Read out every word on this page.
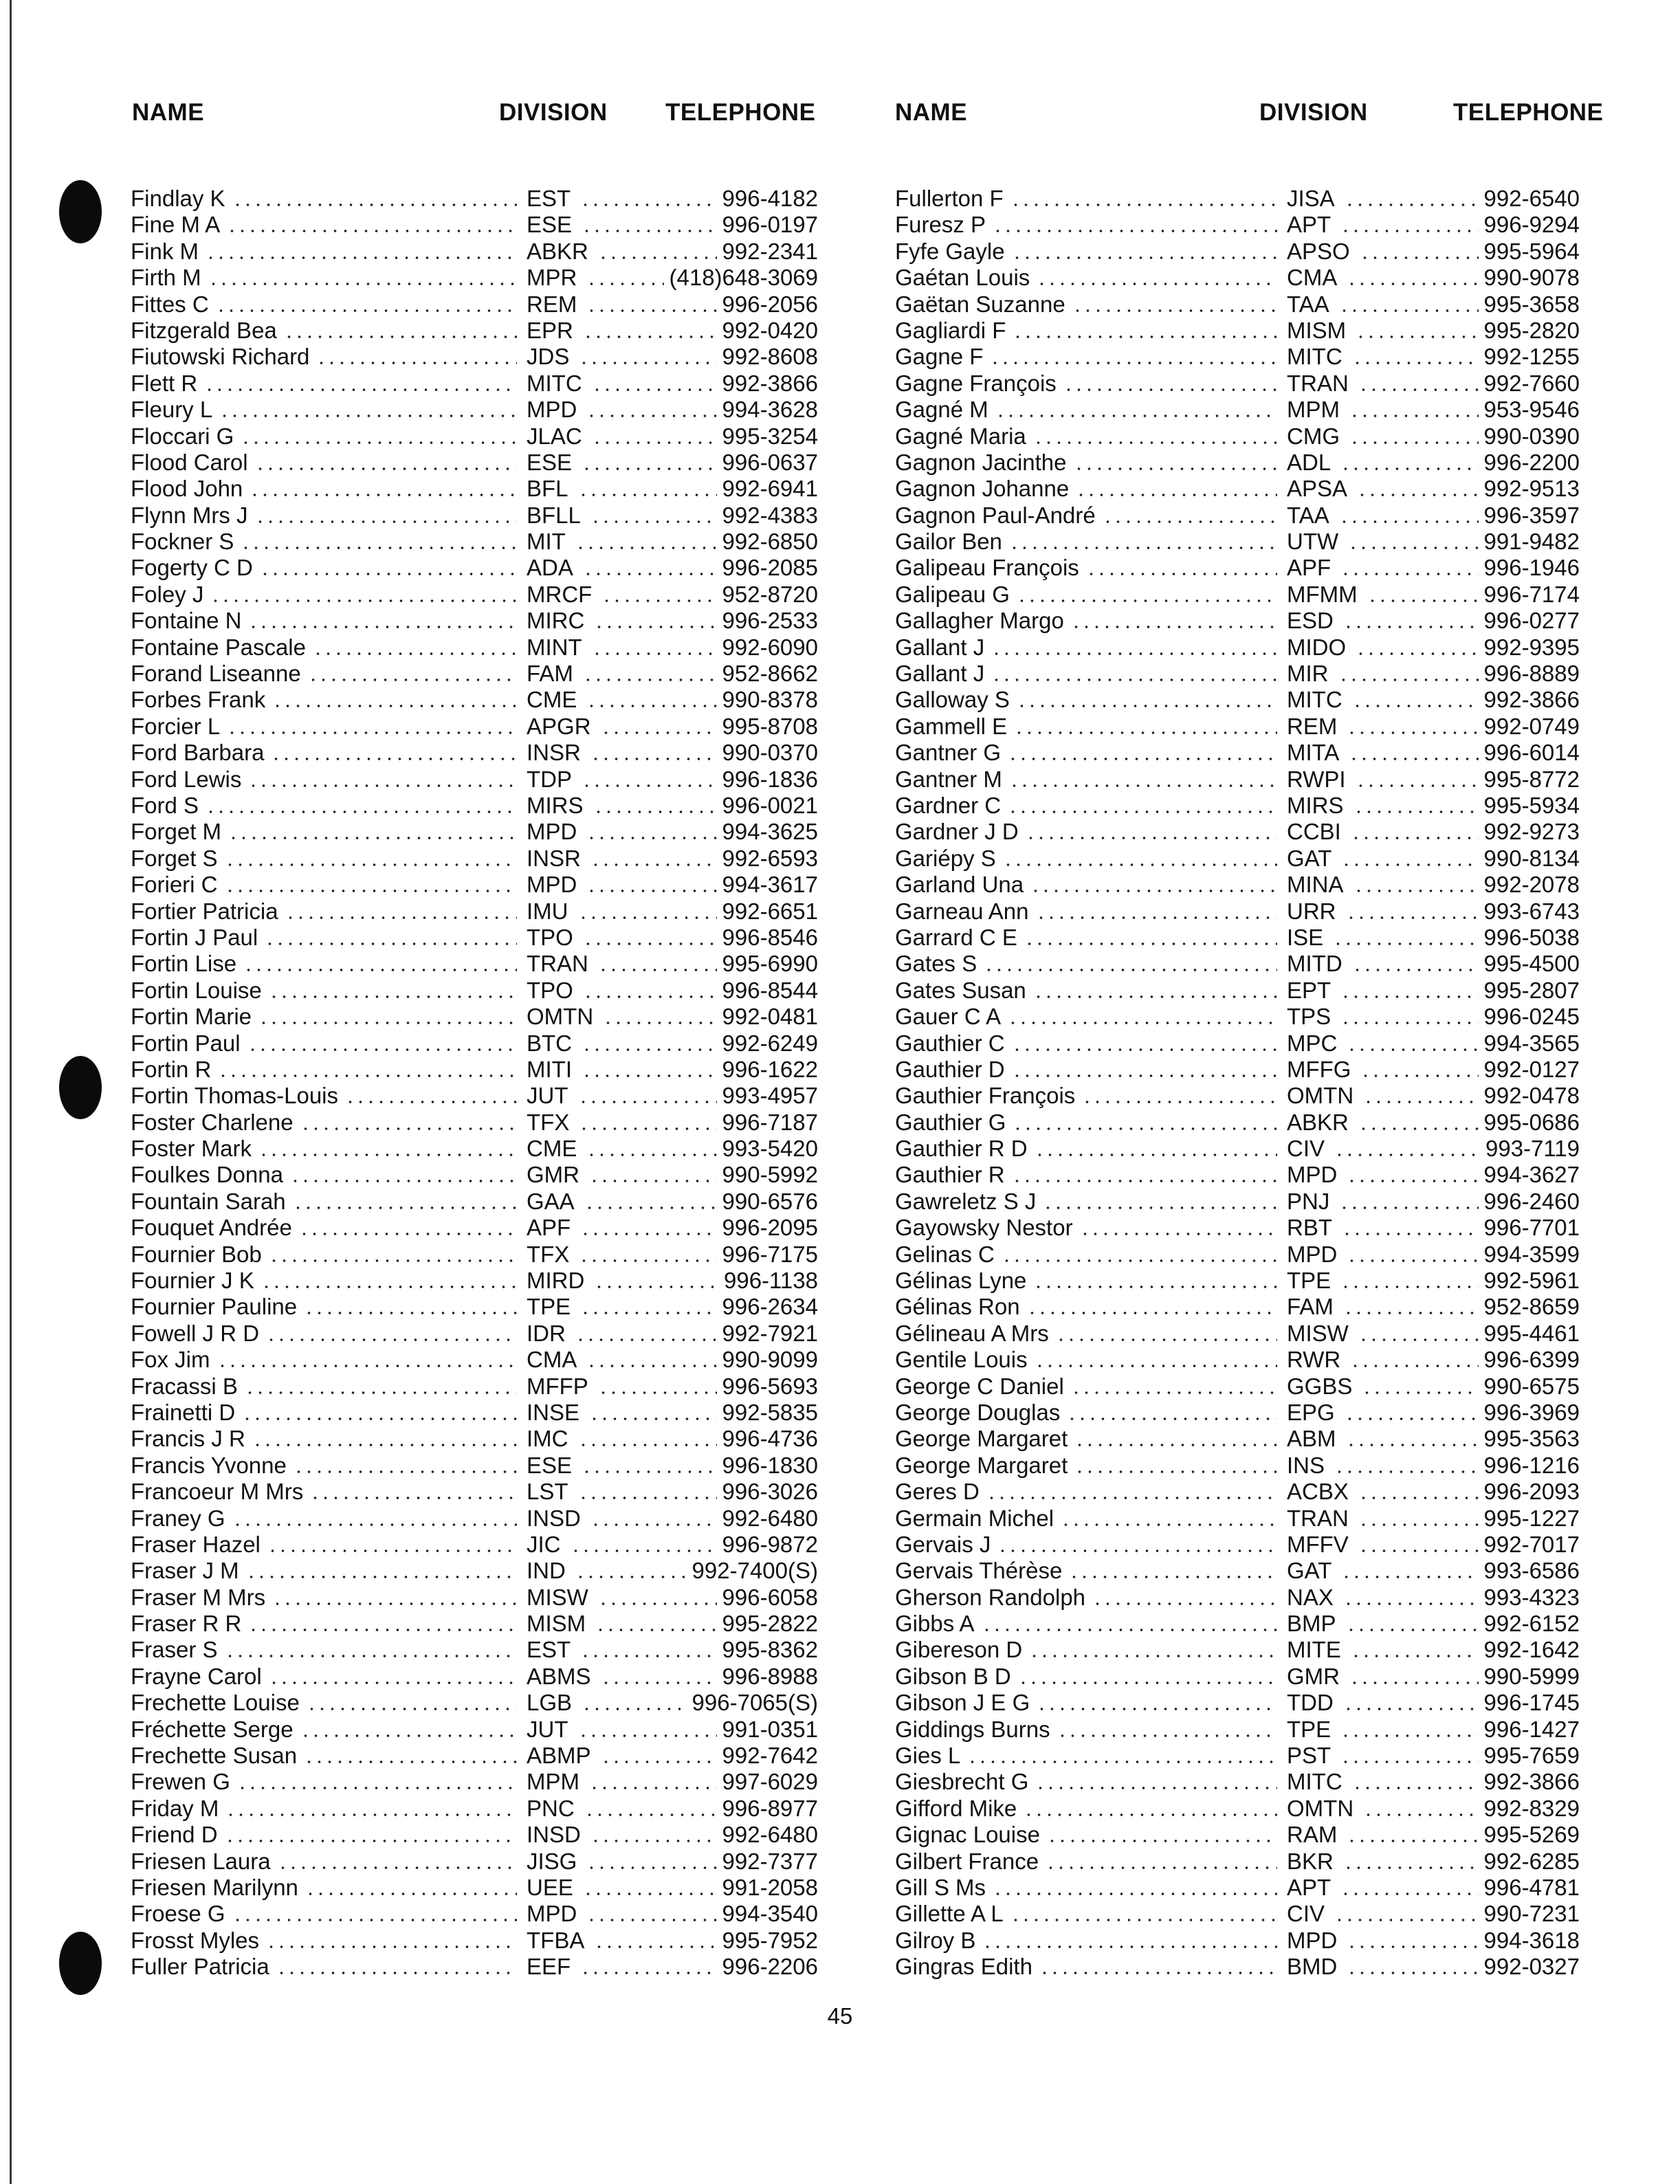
NAME	DIVISION TELEPHONE	NAME	DIVISION	TELEPHONE
Findlay K	EST	996-4182
Fine M A	ESE	996-0197
Fink M	ABKR	992-2341
Firth M	MPR	(418)648-3069
Fittes C	REM	996-2056
Fitzgerald Bea	EPR	992-0420
Fiutowski Richard	JDS	992-8608
Flett R	MITC	992-3866
Fleury L	MPD	994-3628
Floccari G	JLAC	995-3254
Flood Carol	ESE	996-0637
Flood John	BFL	992-6941
Flynn Mrs J	BFLL	992-4383
Fockner S	MIT	992-6850
Fogerty C D	ADA	996-2085
Foley J	MRCF	952-8720
Fontaine N	MIRC	996-2533
Fontaine Pascale	MINT	992-6090
Forand Liseanne	FAM	952-8662
Forbes Frank	CME	990-8378
Forcier L	APGR	995-8708
Ford Barbara	INSR	990-0370
Ford Lewis	TDP	996-1836
Ford S	MIRS	996-0021
Forget M	MPD	994-3625
Forget S	INSR	992-6593
Forieri C	MPD	994-3617
Fortier Patricia	IMU	992-6651
Fortin J Paul	TPO	996-8546
Fortin Lise	TRAN	995-6990
Fortin Louise	TPO	996-8544
Fortin Marie	OMTN	992-0481
Fortin Paul	BTC	992-6249
Fortin R	MITI	996-1622
Fortin Thomas-Louis	JUT	993-4957
Foster Charlene	TFX	996-7187
Foster Mark	CME	993-5420
Foulkes Donna	GMR	990-5992
Fountain Sarah	GAA	990-6576
Fouquet Andrée	APF	996-2095
Fournier Bob	TFX	996-7175
Fournier J K	MIRD	996-1138
Fournier Pauline	TPE	996-2634
Fowell J R D	IDR	992-7921
Fox Jim	CMA	990-9099
Fracassi B	MFFP	996-5693
Frainetti D	INSE	992-5835
Francis J R	IMC	996-4736
Francis Yvonne	ESE	996-1830
Francoeur M Mrs	LST	996-3026
Franey G	INSD	992-6480
Fraser Hazel	JIC	996-9872
Fraser J M	IND	992-7400(S)
Fraser M Mrs	MISW	996-6058
Fraser R R	MISM	995-2822
Fraser S	EST	995-8362
Frayne Carol	ABMS	996-8988
Frechette Louise	LGB	996-7065(S)
Fréchette Serge	JUT	991-0351
Frechette Susan	ABMP	992-7642
Frewen G	MPM	997-6029
Friday M	PNC	996-8977
Friend D	INSD	992-6480
Friesen Laura	JISG	992-7377
Friesen Marilynn	UEE	991-2058
Froese G	MPD	994-3540
Frosst Myles	TFBA	995-7952
Fuller Patricia	EEF	996-2206
Fullerton F	JISA	992-6540
Furesz P	APT	996-9294
Fyfe Gayle	APSO	995-5964
Gaétan Louis	CMA	990-9078
Gaëtan Suzanne	TAA	995-3658
Gagliardi F	MISM	995-2820
Gagne F	MITC	992-1255
Gagne François	TRAN	992-7660
Gagné M	MPM	953-9546
Gagné Maria	CMG	990-0390
Gagnon Jacinthe	ADL	996-2200
Gagnon Johanne	APSA	992-9513
Gagnon Paul-André	TAA	996-3597
Gailor Ben	UTW	991-9482
Galipeau François	APF	996-1946
Galipeau G	MFMM	996-7174
Gallagher Margo	ESD	996-0277
Gallant J	MIDO	992-9395
Gallant J	MIR	996-8889
Galloway S	MITC	992-3866
Gammell E	REM	992-0749
Gantner G	MITA	996-6014
Gantner M	RWPI	995-8772
Gardner C	MIRS	995-5934
Gardner J D	CCBI	992-9273
Gariépy S	GAT	990-8134
Garland Una	MINA	992-2078
Garneau Ann	URR	993-6743
Garrard C E	ISE	996-5038
Gates S	MITD	995-4500
Gates Susan	EPT	995-2807
Gauer C A	TPS	996-0245
Gauthier C	MPC	994-3565
Gauthier D	MFFG	992-0127
Gauthier François	OMTN	992-0478
Gauthier G	ABKR	995-0686
Gauthier R D	CIV	993-7119
Gauthier R	MPD	994-3627
Gawreletz S J	PNJ	996-2460
Gayowsky Nestor	RBT	996-7701
Gelinas C	MPD	994-3599
Gélinas Lyne	TPE	992-5961
Gélinas Ron	FAM	952-8659
Gélineau A Mrs	MISW	995-4461
Gentile Louis	RWR	996-6399
George C Daniel	GGBS	990-6575
George Douglas	EPG	996-3969
George Margaret	ABM	995-3563
George Margaret	INS	996-1216
Geres D	ACBX	996-2093
Germain Michel	TRAN	995-1227
Gervais J	MFFV	992-7017
Gervais Thérèse	GAT	993-6586
Gherson Randolph	NAX	993-4323
Gibbs A	BMP	992-6152
Gibereson D	MITE	992-1642
Gibson B D	GMR	990-5999
Gibson J E G	TDD	996-1745
Giddings Burns	TPE	996-1427
Gies L	PST	995-7659
Giesbrecht G	MITC	992-3866
Gifford Mike	OMTN	992-8329
Gignac Louise	RAM	995-5269
Gilbert France	BKR	992-6285
Gill S Ms	APT	996-4781
Gillette A L	CIV	990-7231
Gilroy B	MPD	994-3618
Gingras Edith	BMD	992-0327
45
